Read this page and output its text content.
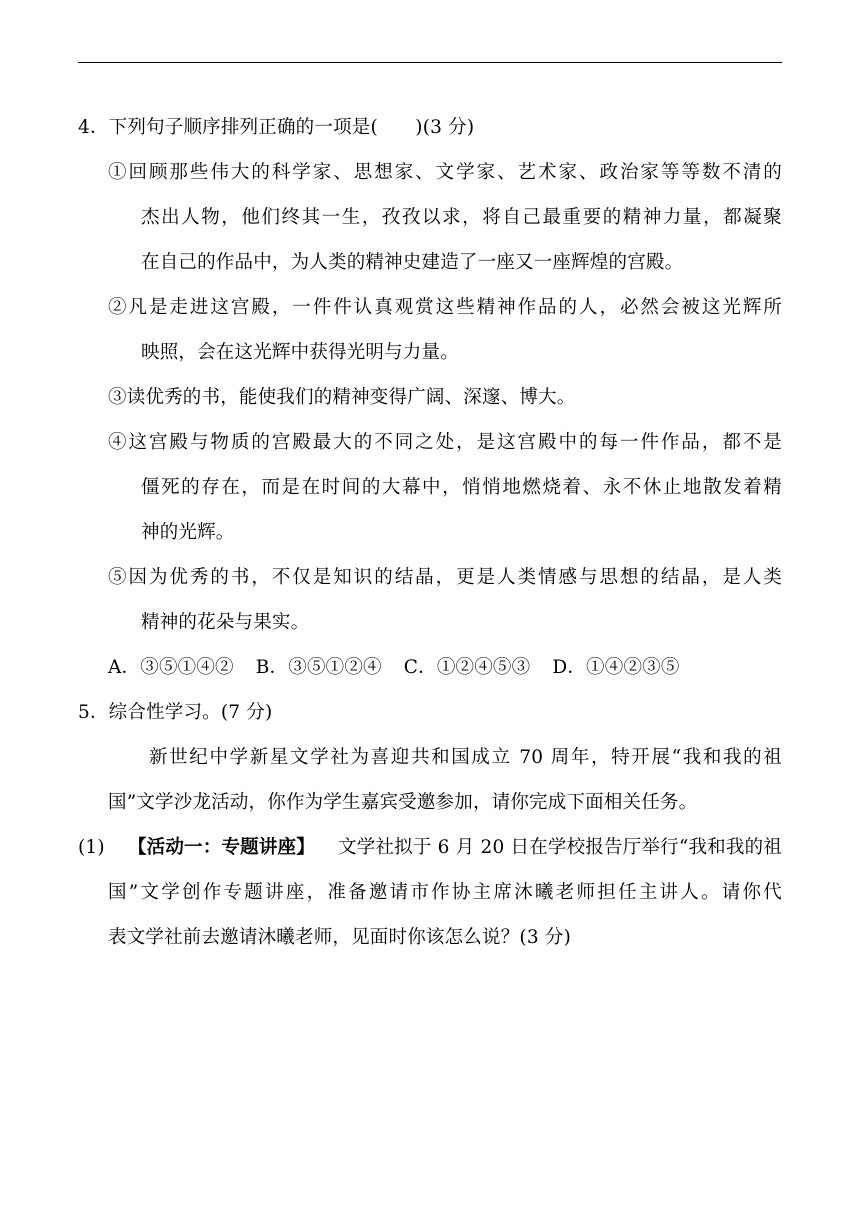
4．下列句子顺序排列正确的一项是(　　)(3 分)
①回顾那些伟大的科学家、思想家、文学家、艺术家、政治家等等数不清的
杰出人物，他们终其一生，孜孜以求，将自己最重要的精神力量，都凝聚
在自己的作品中，为人类的精神史建造了一座又一座辉煌的宫殿。
②凡是走进这宫殿，一件件认真观赏这些精神作品的人，必然会被这光辉所
映照，会在这光辉中获得光明与力量。
③读优秀的书，能使我们的精神变得广阔、深邃、博大。
④这宫殿与物质的宫殿最大的不同之处，是这宫殿中的每一件作品，都不是
僵死的存在，而是在时间的大幕中，悄悄地燃烧着、永不休止地散发着精
神的光辉。
⑤因为优秀的书，不仅是知识的结晶，更是人类情感与思想的结晶，是人类
精神的花朵与果实。
A．③⑤①④② B．③⑤①②④ C．①②④⑤③ D．①④②③⑤
5．综合性学习。(7 分)
新世纪中学新星文学社为喜迎共和国成立 70 周年，特开展“我和我的祖
国”文学沙龙活动，你作为学生嘉宾受邀参加，请你完成下面相关任务。
(1) 【活动一：专题讲座】 文学社拟于 6 月 20 日在学校报告厅举行“我和我的祖
国”文学创作专题讲座，准备邀请市作协主席沐曦老师担任主讲人。请你代
表文学社前去邀请沐曦老师，见面时你该怎么说？(3 分)
